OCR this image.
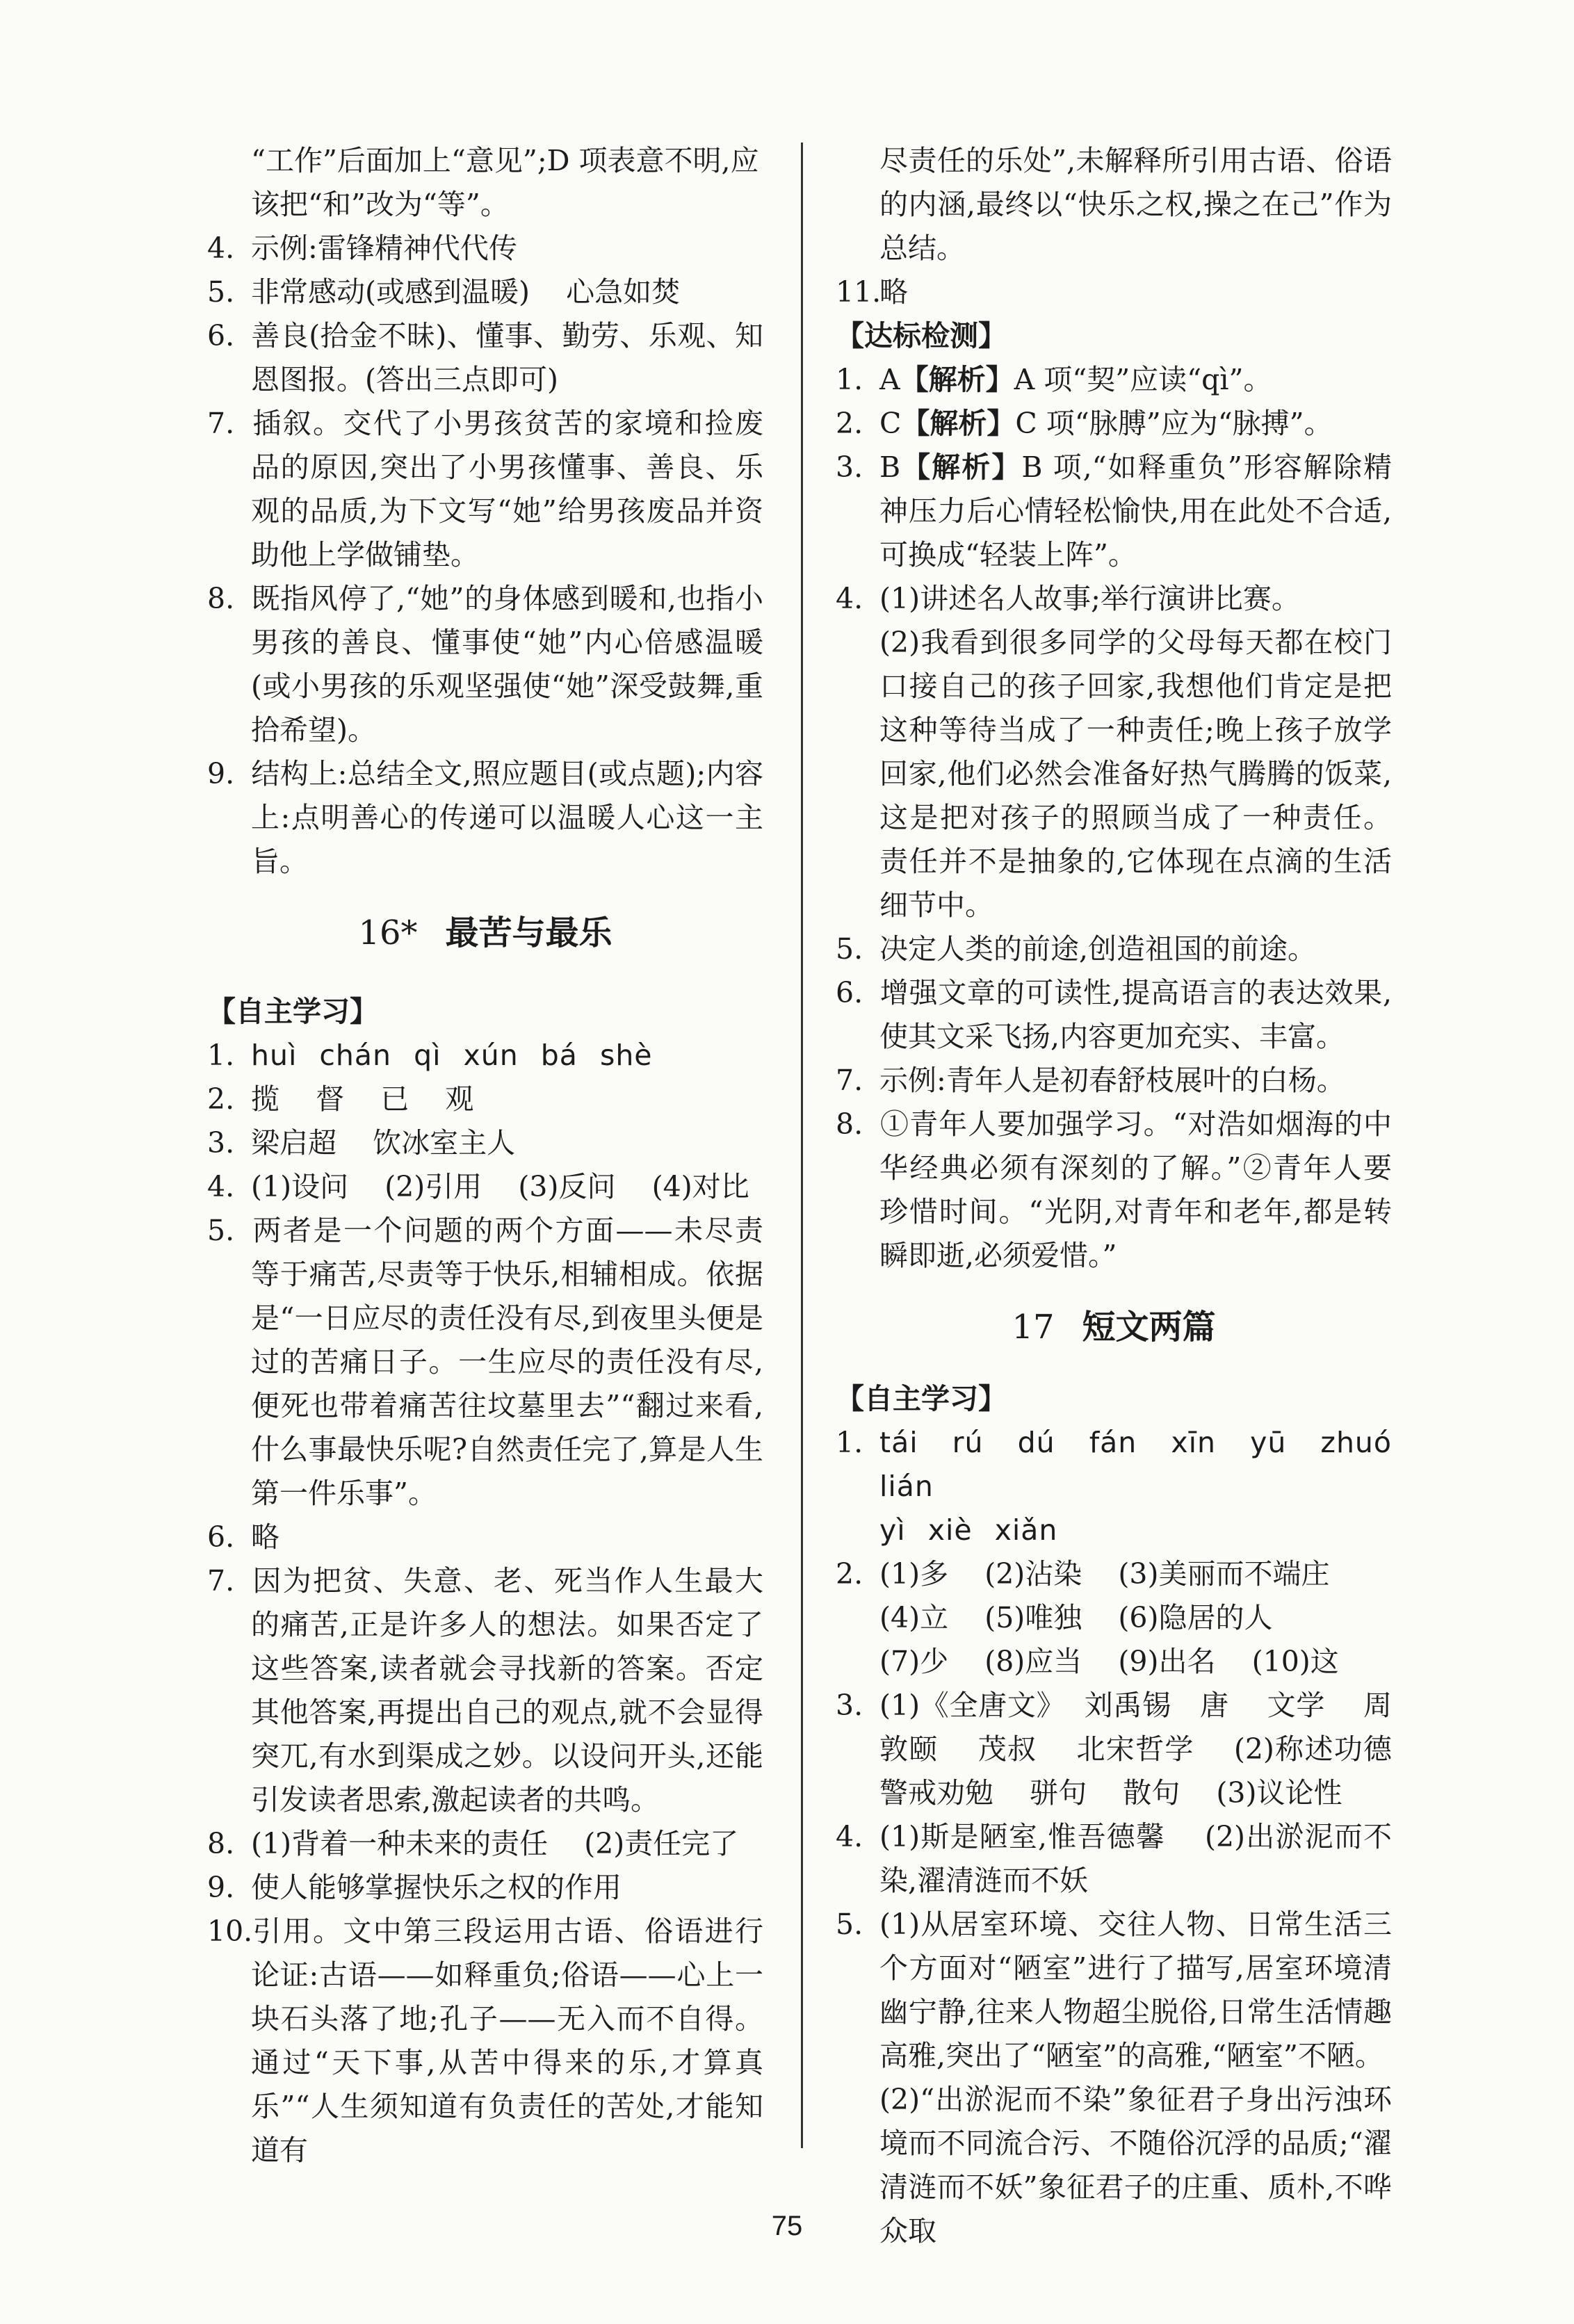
“工作”后面加上“意见”;D 项表意不明,应

该把“和”改为“等”。

4. 示例:雷锋精神代代传

5. 非常感动(或感到温暖)    心急如焚

6. 善良(拾金不昧)、懂事、勤劳、乐观、知恩图报。(答出三点即可)

7. 插叙。交代了小男孩贫苦的家境和捡废品的原因,突出了小男孩懂事、善良、乐观的品质,为下文写“她”给男孩废品并资助他上学做铺垫。

8. 既指风停了,“她”的身体感到暖和,也指小男孩的善良、懂事使“她”内心倍感温暖(或小男孩的乐观坚强使“她”深受鼓舞,重拾希望)。

9. 结构上:总结全文,照应题目(或点题);内容上:点明善心的传递可以温暖人心这一主旨。

16* 最苦与最乐

【自主学习】

1. huì chán qì xún bá shè

2. 揽    督    已    观

3. 梁启超    饮冰室主人

4. (1)设问    (2)引用    (3)反问    (4)对比

5. 两者是一个问题的两个方面——未尽责等于痛苦,尽责等于快乐,相辅相成。依据是“一日应尽的责任没有尽,到夜里头便是过的苦痛日子。一生应尽的责任没有尽,便死也带着痛苦往坟墓里去”“翻过来看,什么事最快乐呢?自然责任完了,算是人生第一件乐事”。

6. 略

7. 因为把贫、失意、老、死当作人生最大的痛苦,正是许多人的想法。如果否定了这些答案,读者就会寻找新的答案。否定其他答案,再提出自己的观点,就不会显得突兀,有水到渠成之妙。以设问开头,还能引发读者思索,激起读者的共鸣。

8. (1)背着一种未来的责任    (2)责任完了

9. 使人能够掌握快乐之权的作用

10.引用。文中第三段运用古语、俗语进行论证:古语——如释重负;俗语——心上一块石头落了地;孔子——无入而不自得。通过“天下事,从苦中得来的乐,才算真乐”“人生须知道有负责任的苦处,才能知道有

尽责任的乐处”,未解释所引用古语、俗语的内涵,最终以“快乐之权,操之在己”作为总结。

11.略

【达标检测】

1. A【解析】A 项“契”应读“qì”。

2. C【解析】C 项“脉膊”应为“脉搏”。

3. B【解析】B 项,“如释重负”形容解除精神压力后心情轻松愉快,用在此处不合适,可换成“轻装上阵”。

4. (1)讲述名人故事;举行演讲比赛。

(2)我看到很多同学的父母每天都在校门口接自己的孩子回家,我想他们肯定是把这种等待当成了一种责任;晚上孩子放学回家,他们必然会准备好热气腾腾的饭菜,这是把对孩子的照顾当成了一种责任。责任并不是抽象的,它体现在点滴的生活细节中。

5. 决定人类的前途,创造祖国的前途。

6. 增强文章的可读性,提高语言的表达效果,使其文采飞扬,内容更加充实、丰富。

7. 示例:青年人是初春舒枝展叶的白杨。

8. ①青年人要加强学习。“对浩如烟海的中华经典必须有深刻的了解。”②青年人要珍惜时间。“光阴,对青年和老年,都是转瞬即逝,必须爱惜。”

17 短文两篇

【自主学习】

1. tái rú dú fán xīn yū zhuó lián

yì xiè xiǎn

2. (1)多    (2)沾染    (3)美丽而不端庄

(4)立    (5)唯独    (6)隐居的人

(7)少    (8)应当    (9)出名    (10)这

3. (1)《全唐文》  刘禹锡   唐    文学    周敦颐    茂叔    北宋哲学    (2)称述功德    警戒劝勉    骈句    散句    (3)议论性

4. (1)斯是陋室,惟吾德馨    (2)出淤泥而不染,濯清涟而不妖

5. (1)从居室环境、交往人物、日常生活三个方面对“陋室”进行了描写,居室环境清幽宁静,往来人物超尘脱俗,日常生活情趣高雅,突出了“陋室”的高雅,“陋室”不陋。

(2)“出淤泥而不染”象征君子身出污浊环境而不同流合污、不随俗沉浮的品质;“濯清涟而不妖”象征君子的庄重、质朴,不哗众取

75
